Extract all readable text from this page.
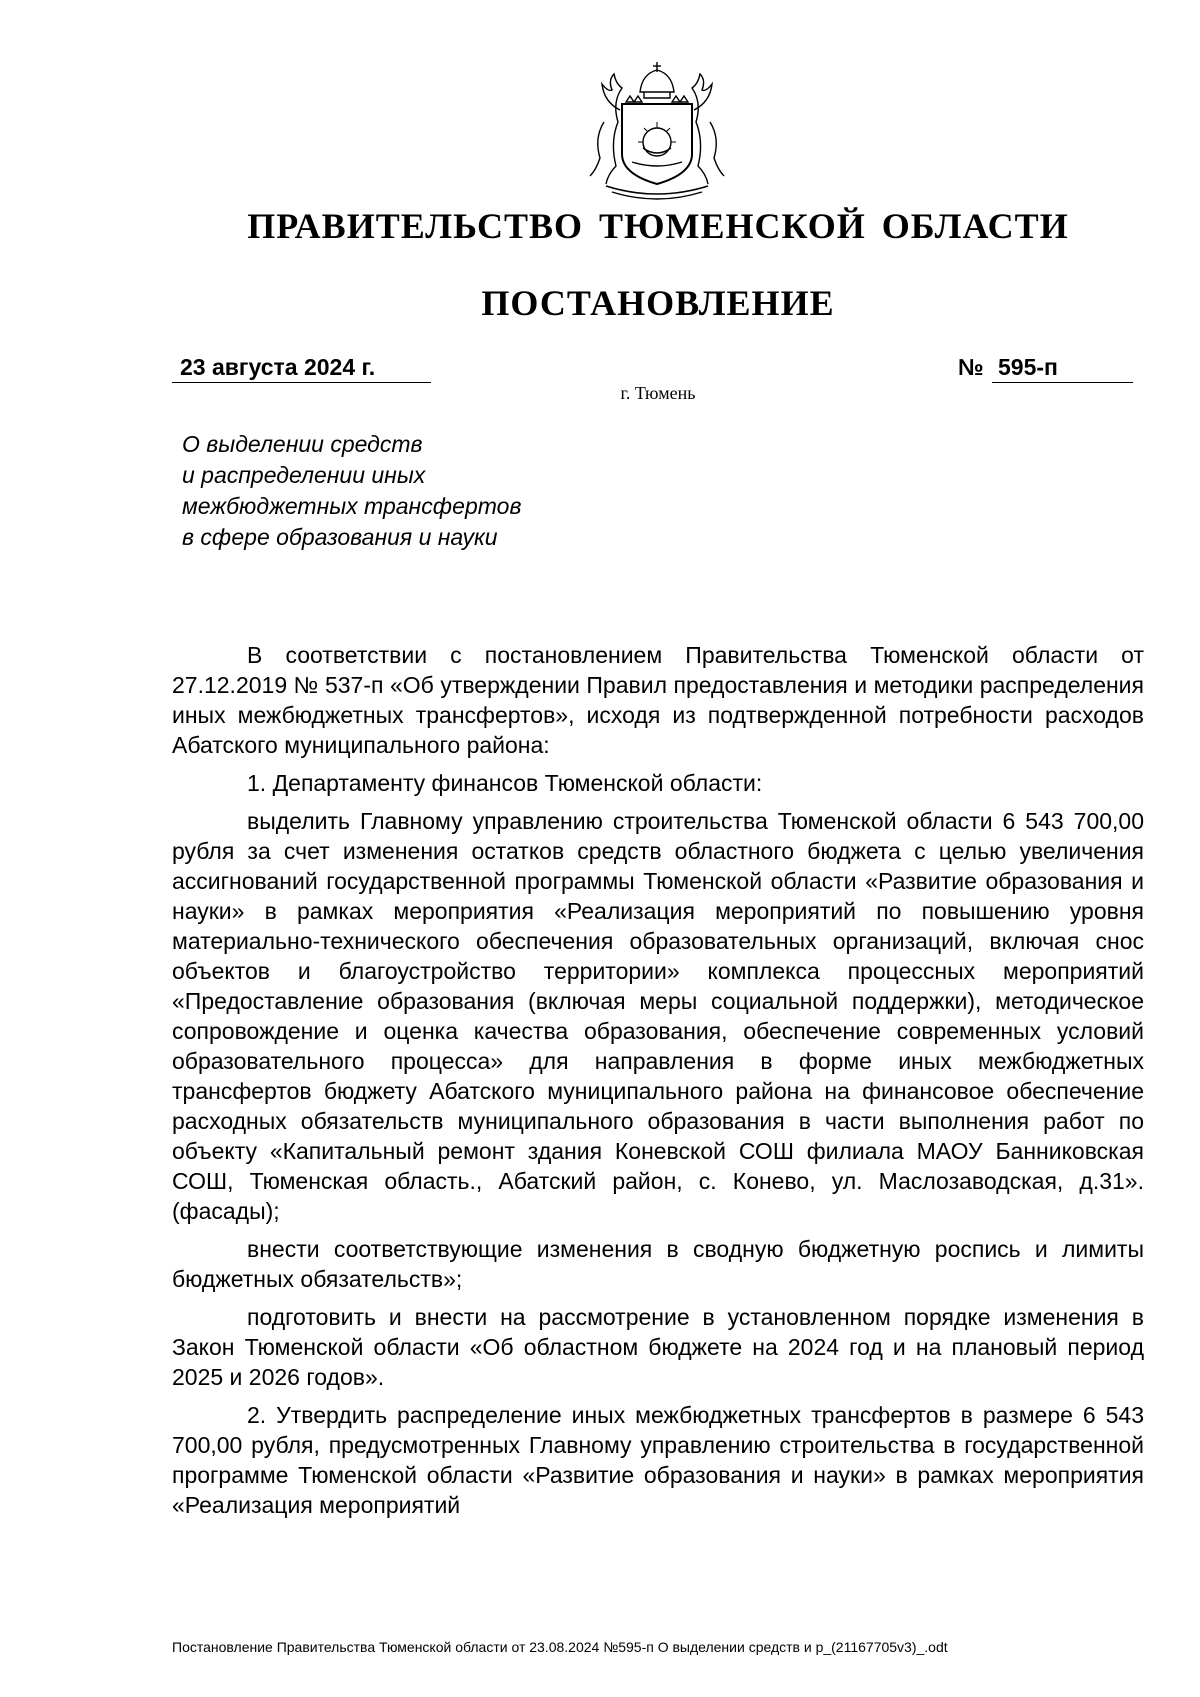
ПРАВИТЕЛЬСТВО ТЮМЕНСКОЙ ОБЛАСТИ
ПОСТАНОВЛЕНИЕ
23 августа 2024 г.	№ 595-п
г. Тюмень
О выделении средств
и распределении иных
межбюджетных трансфертов
в сфере образования и науки

В соответствии с постановлением Правительства Тюменской области от 27.12.2019 № 537-п «Об утверждении Правил предоставления и методики распределения иных межбюджетных трансфертов», исходя из подтвержденной потребности расходов Абатского муниципального района:

1. Департаменту финансов Тюменской области:

выделить Главному управлению строительства Тюменской области 6 543 700,00 рубля за счет изменения остатков средств областного бюджета с целью увеличения ассигнований государственной программы Тюменской области «Развитие образования и науки» в рамках мероприятия «Реализация мероприятий по повышению уровня материально-технического обеспечения образовательных организаций, включая снос объектов и благоустройство территории» комплекса процессных мероприятий «Предоставление образования (включая меры социальной поддержки), методическое сопровождение и оценка качества образования, обеспечение современных условий образовательного процесса» для направления в форме иных межбюджетных трансфертов бюджету Абатского муниципального района на финансовое обеспечение расходных обязательств муниципального образования в части выполнения работ по объекту «Капитальный ремонт здания Коневской СОШ филиала МАОУ Банниковская СОШ, Тюменская область., Абатский район, с. Конево, ул. Маслозаводская, д.31». (фасады);

внести соответствующие изменения в сводную бюджетную роспись и лимиты бюджетных обязательств»;

подготовить и внести на рассмотрение в установленном порядке изменения в Закон Тюменской области «Об областном бюджете на 2024 год и на плановый период 2025 и 2026 годов».

2. Утвердить распределение иных межбюджетных трансфертов в размере 6 543 700,00 рубля, предусмотренных Главному управлению строительства в государственной программе Тюменской области «Развитие образования и науки» в рамках мероприятия «Реализация мероприятий

Постановление Правительства Тюменской области от 23.08.2024 №595-п О выделении средств и р_(21167705v3)_.odt
